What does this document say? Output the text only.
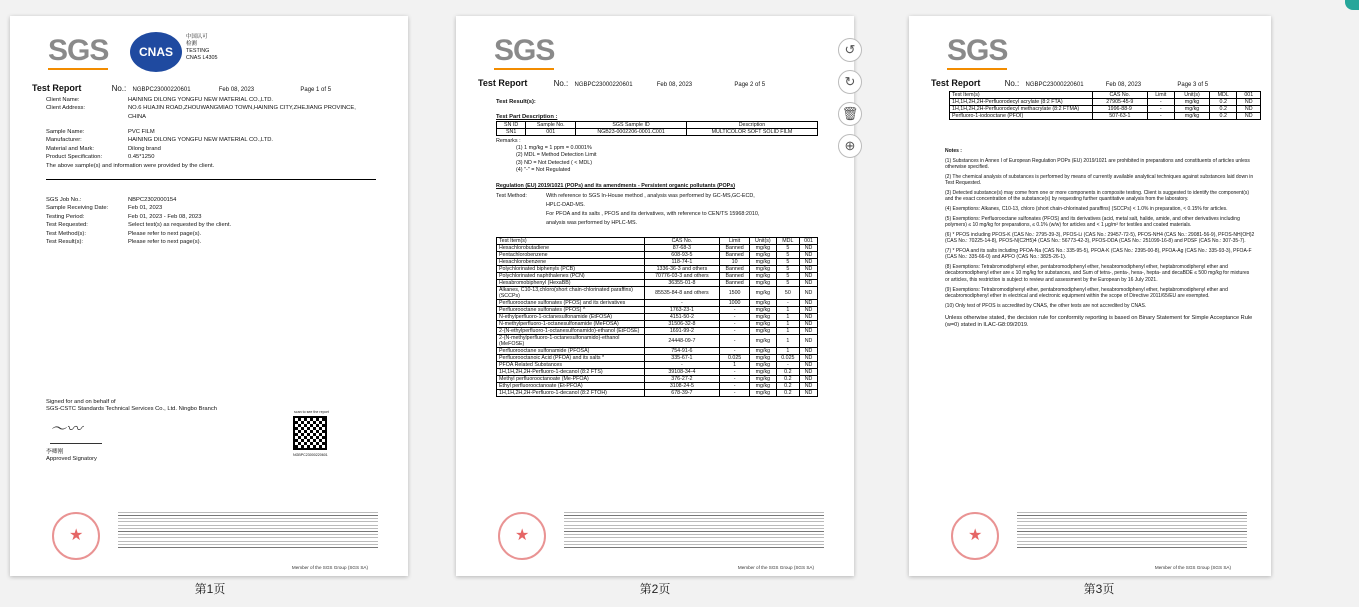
SGS	CNAS
中国认可
检测
TESTING
CNAS L4305
Test Report	No.: NGBPC23000220601	Feb 08, 2023	Page 1 of 5
Client Name:	HAINING DILONG YONGFU NEW MATERIAL CO.,LTD.
Client Address:	NO.6 HUAJIN ROAD,ZHOUWANGMIAO TOWN,HAINING CITY,ZHEJIANG PROVINCE,
CHINA
Sample Name:	PVC FILM
Manufacturer:	HAINING DILONG YONGFU NEW MATERIAL CO.,LTD.
Material and Mark:	Dilong brand
Product Specification:	0.45*1250
The above sample(s) and information were provided by the client.
SGS Job No.:	NBPC2302000154
Sample Receiving Date:	Feb 01, 2023
Testing Period:	Feb 01, 2023 - Feb 08, 2023
Test Requested:	Select test(s) as requested by the client.
Test Method(s):	Please refer to next page(s).
Test Result(s):	Please refer to next page(s).
Signed for and on behalf of
SGS-CSTC Standards Technical Services Co., Ltd. Ningbo Branch
〜〰
李卿刚
Approved Signatory
scan to see the report
NGBPC23000220601
★
Member of the SGS Group (SGS SA)
第1页
SGS
Test Report	No.: NGBPC23000220601	Feb 08, 2023	Page 2 of 5
Test Result(s):
Test Part Description :
SN ID	Sample No.	SGS Sample ID	Description
SN1	001	NGB23-0002206-0001.C001	MULTICOLOR SOFT SOLID FILM
Remarks :
(1) 1 mg/kg = 1 ppm = 0.0001%
(2) MDL = Method Detection Limit
(3) ND = Not Detected ( < MDL)
(4) "-" = Not Regulated
Regulation (EU) 2019/1021 (POPs) and its amendments - Persistent organic pollutants (POPs)
Test Method:	With reference to SGS In-House method , analysis was performed by GC-MS,GC-ECD,
HPLC-DAD-MS.
For PFOA and its salts , PFOS and its derivatives, with reference to CEN/TS 15968:2010,
analysis was performed by HPLC-MS.
Test Item(s)	CAS No.	Limit	Unit(s)	MDL	001
Hexachlorobutadiene	87-68-3	Banned	mg/kg	5	ND
Pentachlorobenzene	608-93-5	Banned	mg/kg	5	ND
Hexachlorobenzene	118-74-1	10	mg/kg	5	ND
Polychlorinated biphenyls (PCB)	1336-36-3 and others	Banned	mg/kg	5	ND
Polychlorinated naphthalenes (PCN)	70776-03-3 and others	Banned	mg/kg	5	ND
Hexabromobiphenyl (HexaBB)	36355-01-8	Banned	mg/kg	5	ND
Alkanes, C10-13,chloro(short chain-chlorinated paraffins) (SCCPs)	85535-84-8 and others	1500	mg/kg	50	ND
Perfluorooctane sulfonates (PFOS) and its derivatives	-	1000	mg/kg	-	ND
Perfluorooctane sulfonates (PFOS) ^	1763-23-1	-	mg/kg	1	ND
N-ethylperfluoro-1-octanesulfonamide (EtFOSA)	4151-50-2	-	mg/kg	1	ND
N-methylperfluoro-1-octanesulfonamide (MeFOSA)	31506-32-8	-	mg/kg	1	ND
2-(N-ethylperfluoro-1-octanesulfonamido)-ethanol (EtFOSE)	1691-99-2	-	mg/kg	1	ND
2-(N-methylperfluoro-1-octanesulfonamido)-ethanol (MeFOSE)	24448-09-7	-	mg/kg	1	ND
Perfluorooctane sulfonamide (PFOSA)	754-91-6	-	mg/kg	1	ND
Perfluorooctanoic Acid (PFOA) and its salts *	335-67-1	0.025	mg/kg	0.025	ND
PFOA Related Substances	-	1	mg/kg	-	ND
1H,1H,2H,2H-Perfluoro-1-decanol (8:2 FTS)	39108-34-4	-	mg/kg	0.2	ND
Methyl perfluorooctanoate (Me-PFOA)	376-27-2	-	mg/kg	0.2	ND
Ethyl perfluorooctanoate (Et-PFOA)	3108-24-5	-	mg/kg	0.2	ND
1H,1H,2H,2H-Perfluoro-1-decanol (8:2 FTOH)	678-39-7	-	mg/kg	0.2	ND
★
Member of the SGS Group (SGS SA)
第2页
↺
↻
🗑
⊕
SGS
Test Report	No.: NGBPC23000220601	Feb 08, 2023	Page 3 of 5
Test Item(s)	CAS No.	Limit	Unit(s)	MDL	001
1H,1H,2H,2H-Perfluorodecyl acrylate (8:2 FTA)	27905-45-9	-	mg/kg	0.2	ND
1H,1H,2H,2H-Perfluorodecyl methacrylate (8:2 FTMA)	1996-88-9	-	mg/kg	0.2	ND
Perfluoro-1-iodooctane (PFOI)	507-63-1	-	mg/kg	0.2	ND

Notes :

(1) Substances in Annex I of European Regulation POPs (EU) 2019/1021 are prohibited in preparations and constituents of articles unless otherwise specified.

(2) The chemical analysis of substances is performed by means of currently available analytical techniques against substances laid down in Test Requested.

(3) Detected substance(s) may come from one or more components in composite testing. Client is suggested to identify the component(s) and the exact concentration of the substance(s) by requesting further quantitative analysis from the laboratory.

(4) Exemptions: Alkanes, C10-13, chloro (short chain-chlorinated paraffins) (SCCPs) < 1.0% in preparation, < 0.15% for articles.

(5) Exemptions: Perfluorooctane sulfonates (PFOS) and its derivatives (acid, metal salt, halide, amide, and other derivatives including polymers) ≤ 10 mg/kg for preparations, ≤ 0.1% (w/w) for articles and < 1 μg/m² for textiles and coated materials.

(6) * PFOS including PFOS-K (CAS No.: 2795-39-3), PFOS-Li (CAS No.: 29457-72-5), PFOS-NH4 (CAS No.: 29081-56-9), PFOS-NH(OH)2 (CAS No.: 70225-14-8), PFOS-N(C2H5)4 (CAS No.: 56773-42-3), PFOS-DDA (CAS No.: 251099-16-8) and PDSF (CAS No.: 307-35-7).

(7) * PFOA and its salts including PFOA-Na (CAS No.: 335-95-5), PFOA-K (CAS No.: 2395-00-8), PFOA-Ag (CAS No.: 335-93-3), PFOA-F (CAS No.: 335-66-0) and APFO (CAS No.: 3825-26-1).

(8) Exemptions: Tetrabromodiphenyl ether, pentabromodiphenyl ether, hexabromodiphenyl ether, heptabromodiphenyl ether and decabromodiphenyl ether are ≤ 10 mg/kg for substances, and Sum of tetra-, penta-, hexa-, hepta- and decaBDE ≤ 500 mg/kg for mixtures or articles, this restriction is subject to review and assessment by the European by 16 July 2021.

(9) Exemptions: Tetrabromodiphenyl ether, pentabromodiphenyl ether, hexabromodiphenyl ether, heptabromodiphenyl ether and decabromodiphenyl ether in electrical and electronic equipment within the scope of Directive 2011/65/EU are exempted.

(10) Only test of PFOS is accredited by CNAS, the other tests are not accredited by CNAS.

Unless otherwise stated, the decision rule for conformity reporting is based on Binary Statement for Simple Acceptance Rule (w=0) stated in ILAC-G8:09/2019.

★
Member of the SGS Group (SGS SA)
第3页
